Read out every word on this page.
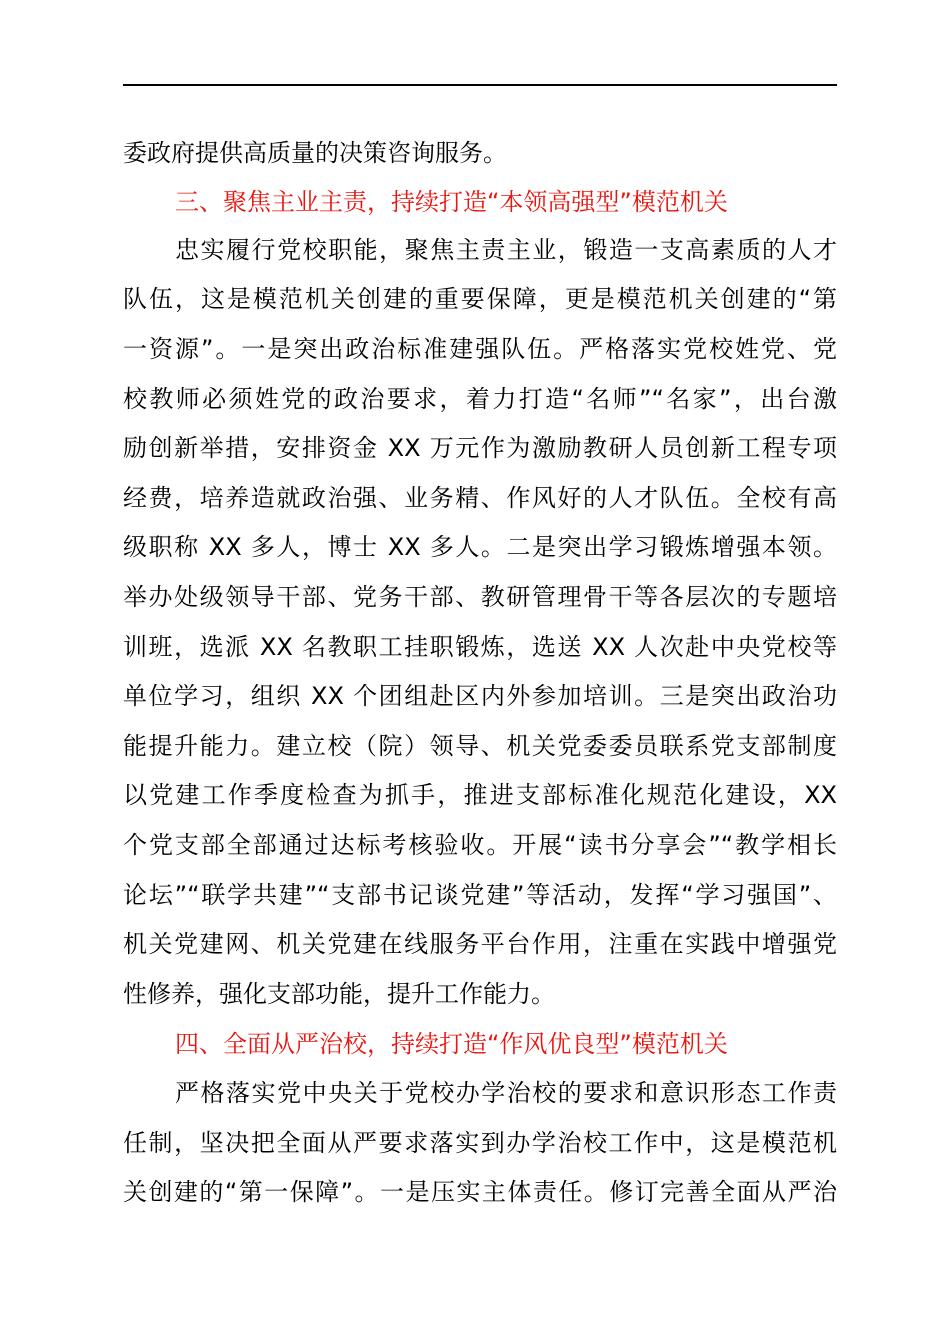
委政府提供高质量的决策咨询服务。
三、聚焦主业主责，持续打造“本领高强型”模范机关
忠实履行党校职能，聚焦主责主业，锻造一支高素质的人才
队伍，这是模范机关创建的重要保障，更是模范机关创建的“第
一资源”。一是突出政治标准建强队伍。严格落实党校姓党、党
校教师必须姓党的政治要求，着力打造“名师”“名家”，出台激
励创新举措，安排资金 XX 万元作为激励教研人员创新工程专项
经费，培养造就政治强、业务精、作风好的人才队伍。全校有高
级职称 XX 多人，博士 XX 多人。二是突出学习锻炼增强本领。
举办处级领导干部、党务干部、教研管理骨干等各层次的专题培
训班，选派 XX 名教职工挂职锻炼，选送 XX 人次赴中央党校等
单位学习，组织 XX 个团组赴区内外参加培训。三是突出政治功
能提升能力。建立校（院）领导、机关党委委员联系党支部制度
以党建工作季度检查为抓手，推进支部标准化规范化建设，XX
个党支部全部通过达标考核验收。开展“读书分享会”“教学相长
论坛”“联学共建”“支部书记谈党建”等活动，发挥“学习强国”、
机关党建网、机关党建在线服务平台作用，注重在实践中增强党
性修养，强化支部功能，提升工作能力。
四、全面从严治校，持续打造“作风优良型”模范机关
严格落实党中央关于党校办学治校的要求和意识形态工作责
任制，坚决把全面从严要求落实到办学治校工作中，这是模范机
关创建的“第一保障”。一是压实主体责任。修订完善全面从严治
